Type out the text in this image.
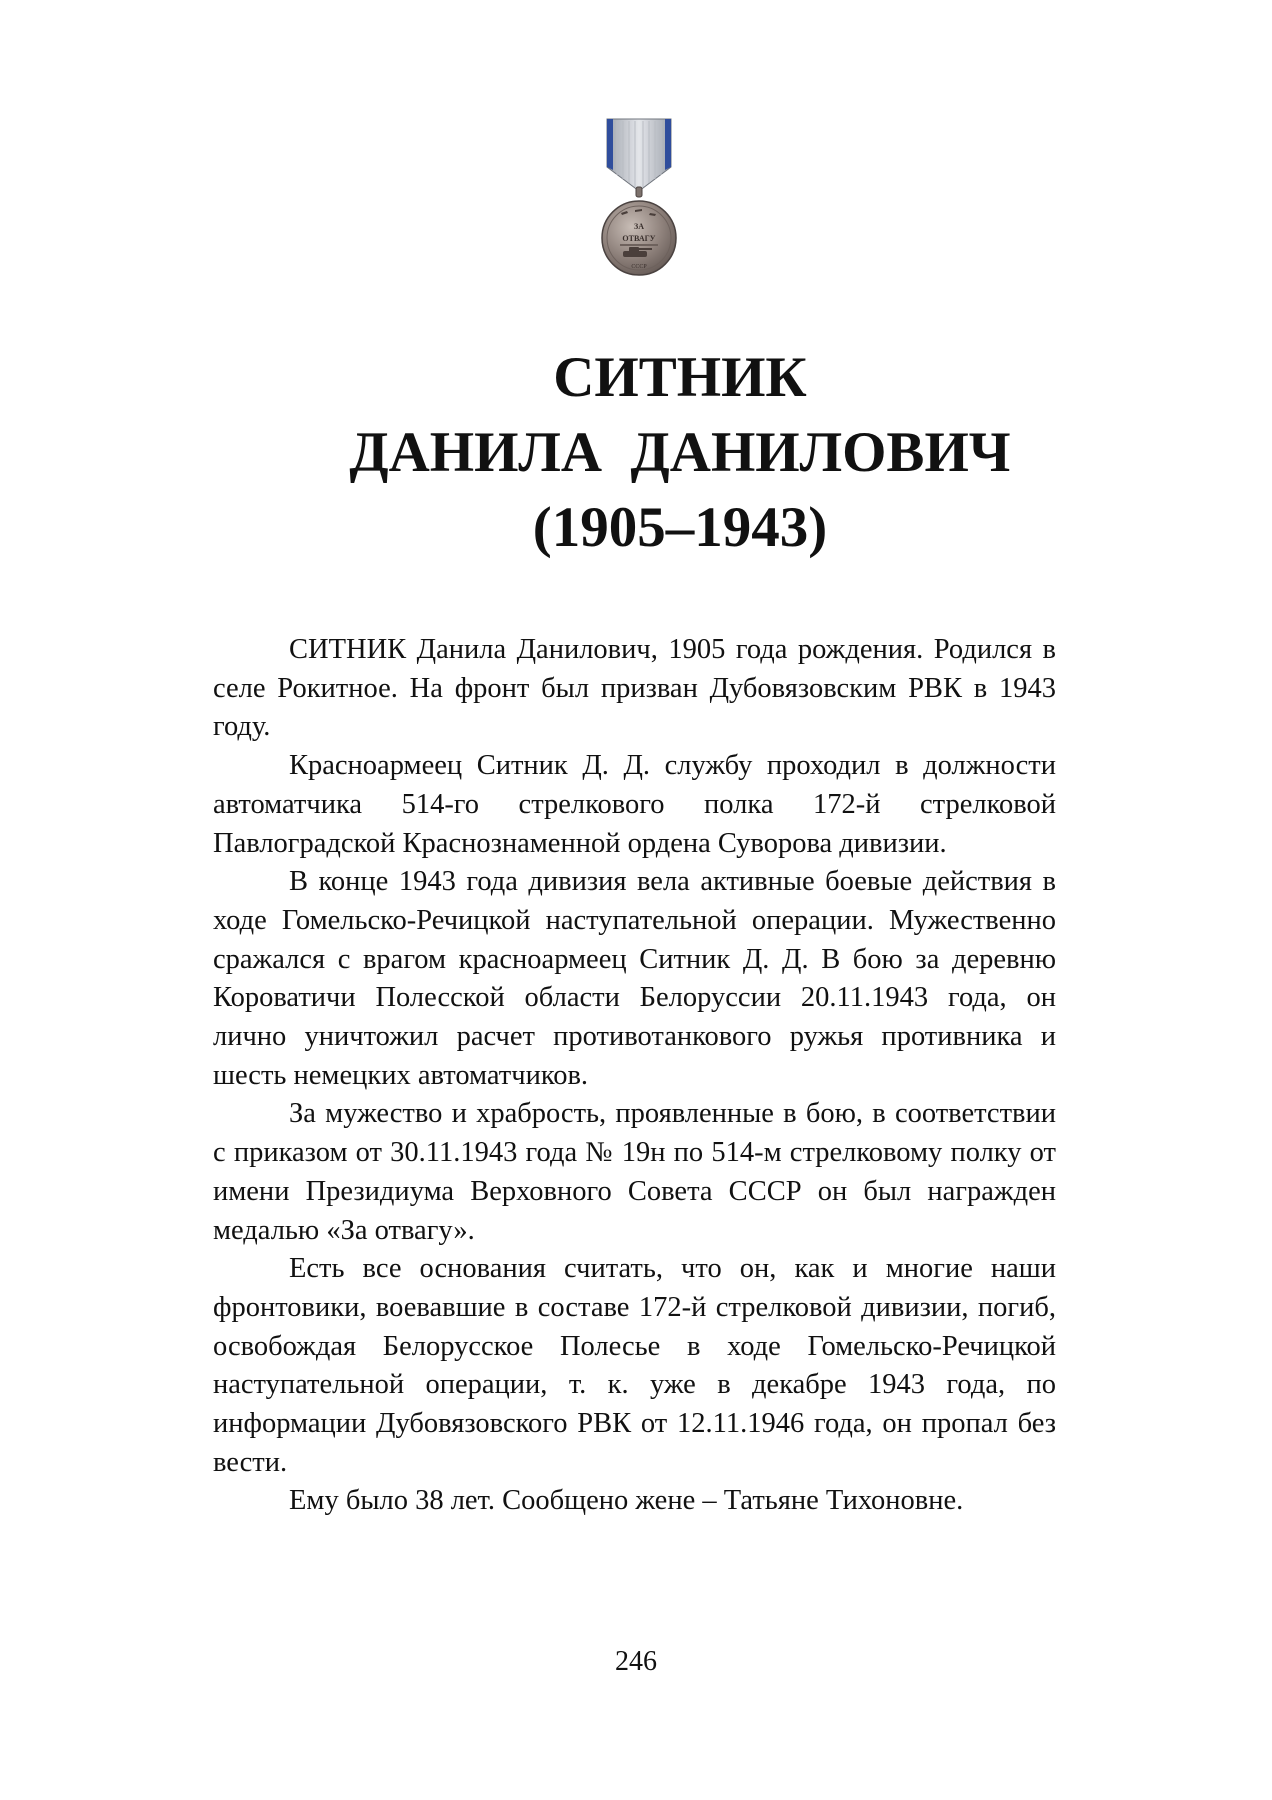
ЗА
ОТВАГУ
СССР
СИТНИК
ДАНИЛА  ДАНИЛОВИЧ
(1905–1943)

СИТНИК Данила Данилович, 1905 года рождения. Родился в селе Рокитное. На фронт был призван Дубовязовским РВК в 1943 году.

Красноармеец Ситник Д. Д. службу проходил в должности автоматчика 514-го стрелкового полка 172-й стрелковой Павлоградской Краснознаменной ордена Суворова дивизии.

В конце 1943 года дивизия вела активные боевые действия в ходе Гомельско-Речицкой наступательной операции. Мужественно сражался с врагом красноармеец Ситник Д. Д. В бою за деревню Короватичи Полесской области Белоруссии 20.11.1943 года, он лично уничтожил расчет противотанкового ружья противника и шесть немецких автоматчиков.

За мужество и храбрость, проявленные в бою, в соответствии с приказом от 30.11.1943 года № 19н по 514-м стрелковому полку от имени Президиума Верховного Совета СССР он был награжден медалью «За отвагу».

Есть все основания считать, что он, как и многие наши фронтовики, воевавшие в составе 172-й стрелковой дивизии, погиб, освобождая Белорусское Полесье в ходе Гомельско-Речицкой наступательной операции, т. к. уже в декабре 1943 года, по информации Дубовязовского РВК от 12.11.1946 года, он пропал без вести.

Ему было 38 лет. Сообщено жене – Татьяне Тихоновне.

246
